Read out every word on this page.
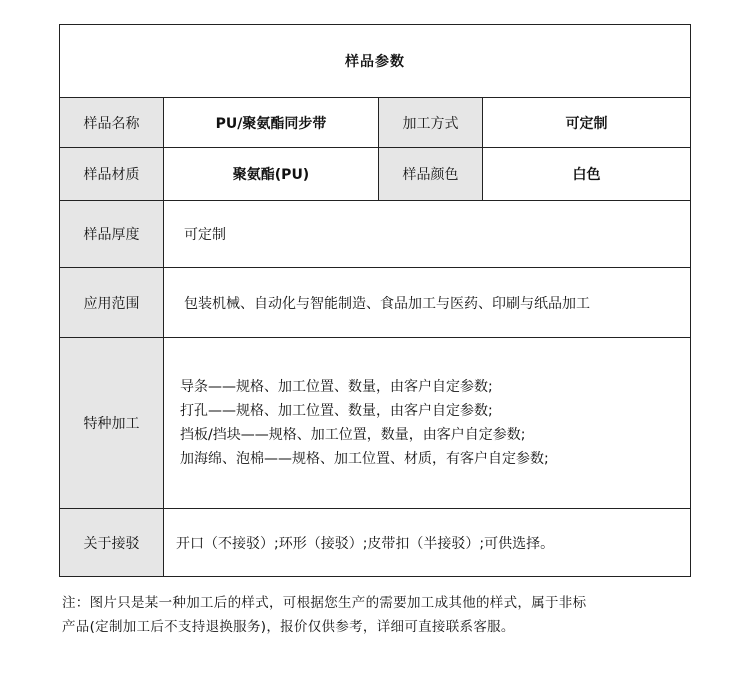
样品参数			
样品名称	PU/聚氨酯同步带	加工方式	可定制
样品材质	聚氨酯(PU)	样品颜色	白色
样品厚度	可定制		
应用范围	包装机械、自动化与智能制造、食品加工与医药、印刷与纸品加工		
特种加工	导条——规格、加工位置、数量，由客户自定参数;
打孔——规格、加工位置、数量，由客户自定参数;
挡板/挡块——规格、加工位置，数量，由客户自定参数;
加海绵、泡棉——规格、加工位置、材质，有客户自定参数;		

关于接驳	开口（不接驳）;环形（接驳）;皮带扣（半接驳）;可供选择。		
注：图片只是某一种加工后的样式，可根据您生产的需要加工成其他的样式，属于非标
产品(定制加工后不支持退换服务)，报价仅供参考，详细可直接联系客服。
